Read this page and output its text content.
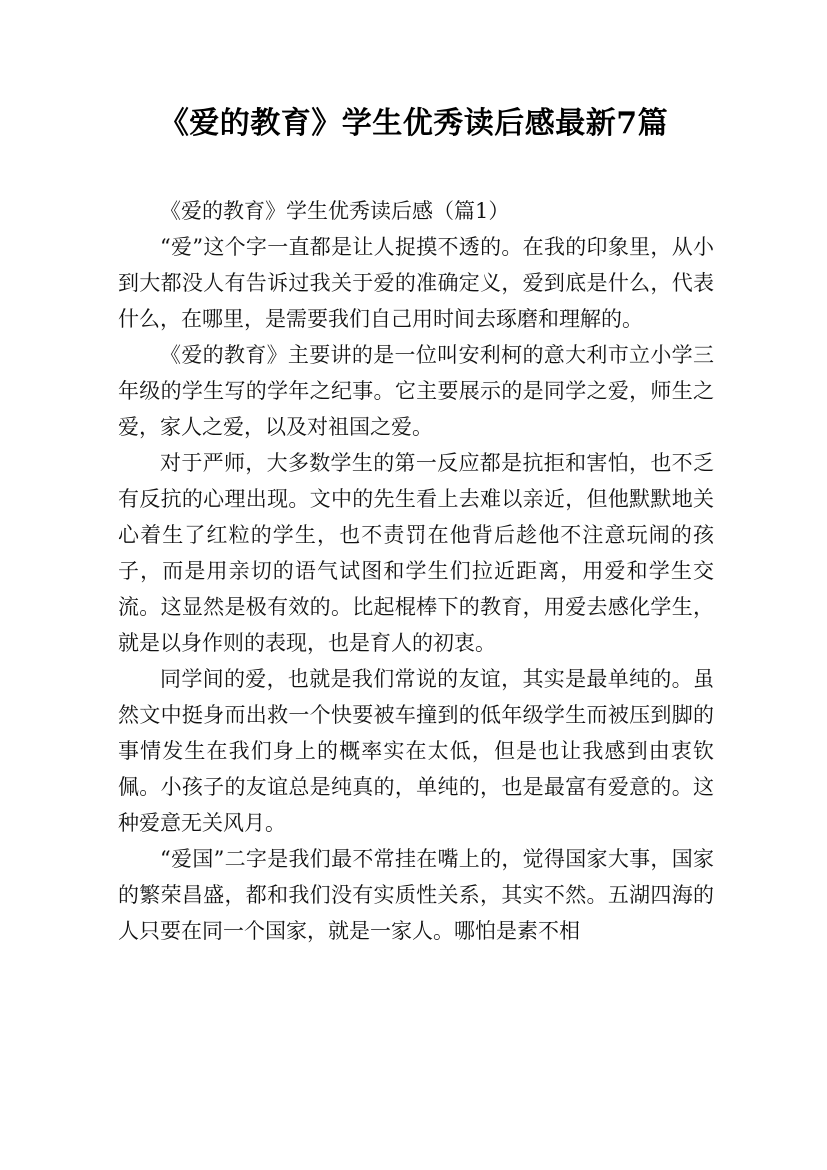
《爱的教育》学生优秀读后感最新7篇

《爱的教育》学生优秀读后感（篇1）

“爱”这个字一直都是让人捉摸不透的。在我的印象里，从小到大都没人有告诉过我关于爱的准确定义，爱到底是什么，代表什么，在哪里，是需要我们自己用时间去琢磨和理解的。

《爱的教育》主要讲的是一位叫安利柯的意大利市立小学三年级的学生写的学年之纪事。它主要展示的是同学之爱，师生之爱，家人之爱，以及对祖国之爱。

对于严师，大多数学生的第一反应都是抗拒和害怕，也不乏有反抗的心理出现。文中的先生看上去难以亲近，但他默默地关心着生了红粒的学生，也不责罚在他背后趁他不注意玩闹的孩子，而是用亲切的语气试图和学生们拉近距离，用爱和学生交流。这显然是极有效的。比起棍棒下的教育，用爱去感化学生，就是以身作则的表现，也是育人的初衷。

同学间的爱，也就是我们常说的友谊，其实是最单纯的。虽然文中挺身而出救一个快要被车撞到的低年级学生而被压到脚的事情发生在我们身上的概率实在太低，但是也让我感到由衷钦佩。小孩子的友谊总是纯真的，单纯的，也是最富有爱意的。这种爱意无关风月。

“爱国”二字是我们最不常挂在嘴上的，觉得国家大事，国家的繁荣昌盛，都和我们没有实质性关系，其实不然。五湖四海的人只要在同一个国家，就是一家人。哪怕是素不相
